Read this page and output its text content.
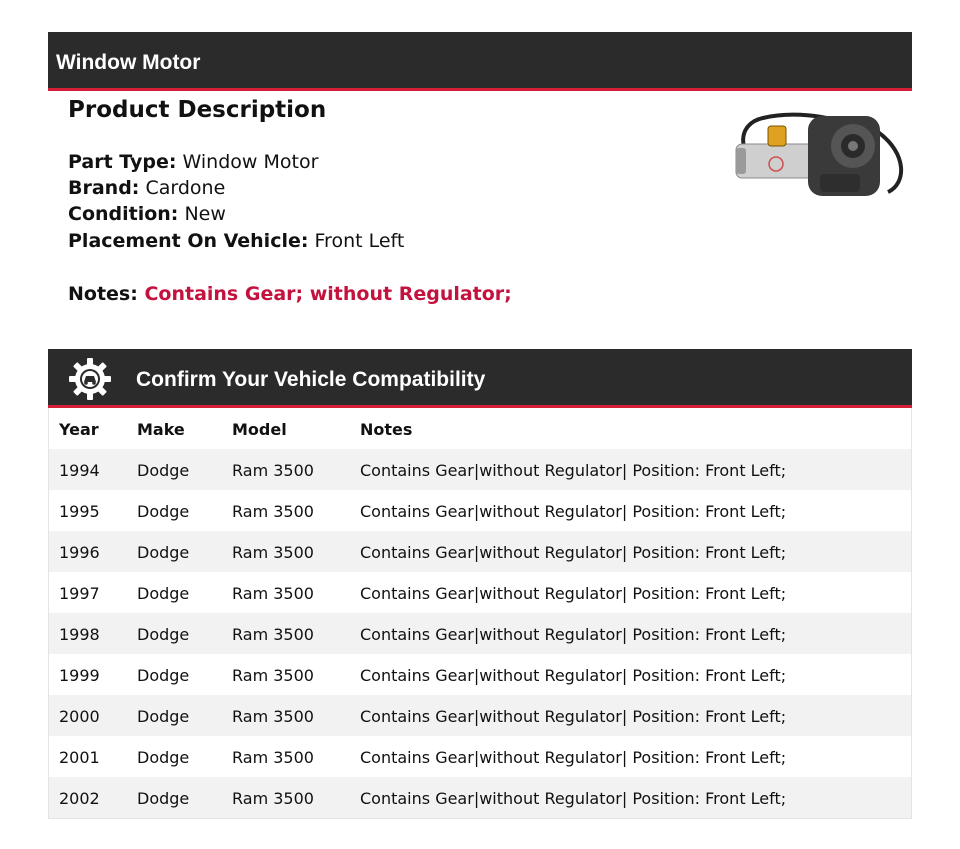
Window Motor
Product Description
Part Type: Window Motor
Brand: Cardone
Condition: New
Placement On Vehicle: Front Left
Notes: Contains Gear; without Regulator;
Confirm Your Vehicle Compatibility
Year Make	Model	Notes
1994 Dodge	Ram 3500	Contains Gear|without Regulator| Position: Front Left;
1995 Dodge	Ram 3500	Contains Gear|without Regulator| Position: Front Left;
1996 Dodge	Ram 3500	Contains Gear|without Regulator| Position: Front Left;
1997 Dodge	Ram 3500	Contains Gear|without Regulator| Position: Front Left;
1998 Dodge	Ram 3500	Contains Gear|without Regulator| Position: Front Left;
1999 Dodge	Ram 3500	Contains Gear|without Regulator| Position: Front Left;
2000 Dodge	Ram 3500	Contains Gear|without Regulator| Position: Front Left;
2001 Dodge	Ram 3500	Contains Gear|without Regulator| Position: Front Left;
2002 Dodge	Ram 3500	Contains Gear|without Regulator| Position: Front Left;
